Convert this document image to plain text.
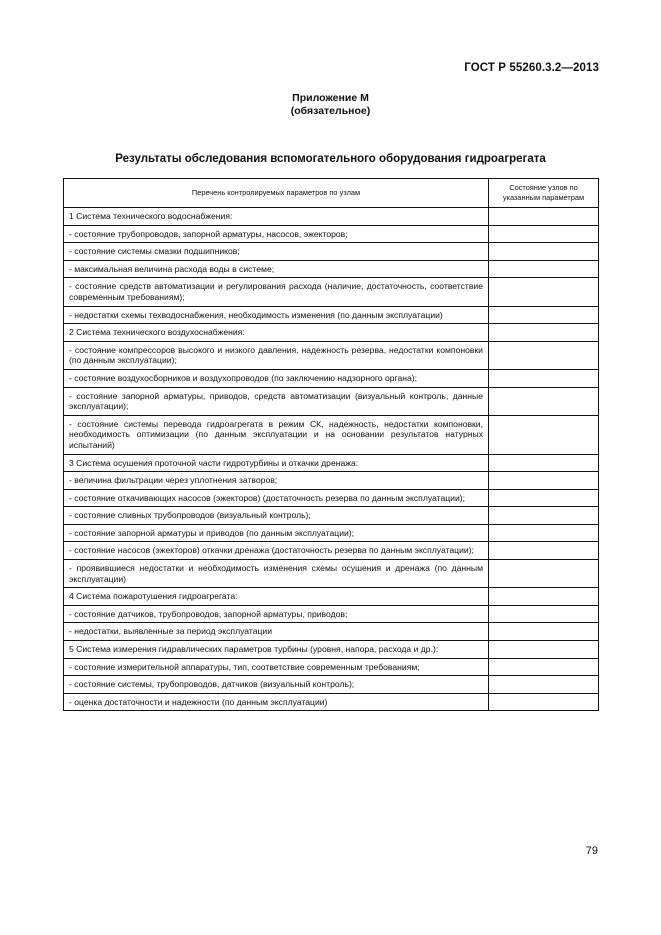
ГОСТ Р 55260.3.2—2013
Приложение М
(обязательное)
Результаты обследования вспомогательного оборудования гидроагрегата
Перечень контролируемых параметров по узлам	Состояние узлов по указанным параметрам
1 Система технического водоснабжения:	
- состояние трубопроводов, запорной арматуры, насосов, эжекторов;	
- состояние системы смазки подшипников;	
- максимальная величина расхода воды в системе;	
- состояние средств автоматизации и регулирования расхода (наличие, достаточность, соответствие современным требованиям);	
- недостатки схемы техводоснабжения, необходимость изменения (по данным эксплуатации)	
2 Система технического воздухоснабжения:	
- состояние компрессоров высокого и низкого давления, надежность резерва, недостатки компоновки (по данным эксплуатации);	
- состояние воздухосборников и воздухопроводов (по заключению надзорного органа);	
- состояние запорной арматуры, приводов, средств автоматизации (визуальный контроль, данные эксплуатации);	
- состояние системы перевода гидроагрегата в режим СК, надежность, недостатки компоновки, необходимость оптимизации (по данным эксплуатации и на основании результатов натурных испытаний)	
3 Система осушения проточной части гидротурбины и откачки дренажа:	
- величина фильтрации через уплотнения затворов;	
- состояние откачивающих насосов (эжекторов) (достаточность резерва по данным эксплуатации);	
- состояние сливных трубопроводов (визуальный контроль);	
- состояние запорной арматуры и приводов (по данным эксплуатации);	
- состояние насосов (эжекторов) откачки дренажа (достаточность резерва по данным эксплуатации);	
- проявившиеся недостатки и необходимость изменения схемы осушения и дренажа (по данным эксплуатации)	
4 Система пожаротушения гидроагрегата:	
- состояние датчиков, трубопроводов, запорной арматуры, приводов;	
- недостатки, выявленные за период эксплуатации	
5 Система измерения гидравлических параметров турбины (уровня, напора, расхода и др.):	
- состояние измерительной аппаратуры, тип, соответствие современным требованиям;	
- состояние системы, трубопроводов, датчиков (визуальный контроль);	
- оценка достаточности и надежности (по данным эксплуатации)	
79
